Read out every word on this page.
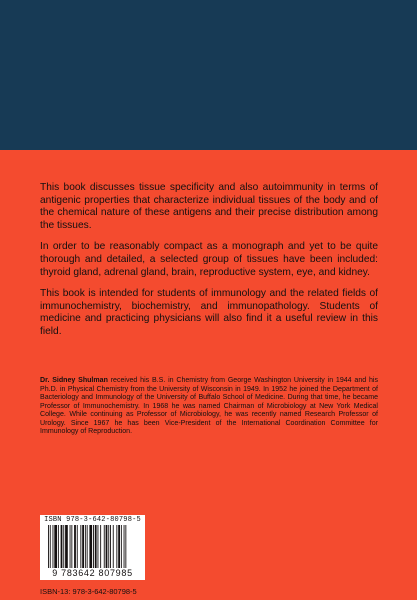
This book discusses tissue specificity and also autoimmunity in terms of antigenic properties that characterize individual tissues of the body and of the chemical nature of these antigens and their precise distribution among the tissues.

In order to be reasonably compact as a monograph and yet to be quite thorough and detailed, a selected group of tissues have been included: thyroid gland, adrenal gland, brain, reproductive system, eye, and kidney.

This book is intended for students of immunology and the related fields of immunochemistry, biochemistry, and immunopathology. Students of medicine and practicing physicians will also find it a useful review in this field.

Dr. Sidney Shulman received his B.S. in Chemistry from George Washington University in 1944 and his Ph.D. in Physical Chemistry from the University of Wisconsin in 1949. In 1952 he joined the Department of Bacteriology and Immunology of the University of Buffalo School of Medicine. During that time, he became Professor of Immunochemistry. In 1968 he was named Chairman of Microbiology at New York Medical College. While continuing as Professor of Microbiology, he was recently named Research Professor of Urology. Since 1967 he has been Vice-President of the International Coordination Committee for Immunology of Reproduction.
ISBN 978-3-642-80798-5
9 783642 807985
ISBN-13: 978-3-642-80798-5
